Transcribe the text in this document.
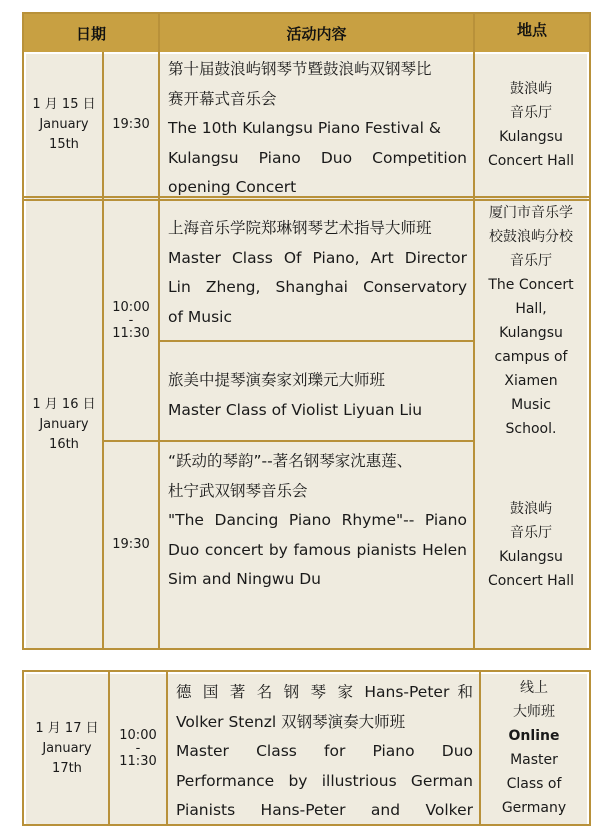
日期	活动内容	地点
1 月 15 日
January
15th
19:30
第十届鼓浪屿钢琴节暨鼓浪屿双钢琴比
赛开幕式音乐会
The 10th Kulangsu Piano Festival &
Kulangsu Piano Duo Competition
opening Concert
鼓浪屿
音乐厅
Kulangsu
Concert Hall
1 月 16 日
January
16th
10:00
-
11:30
上海音乐学院郑琳钢琴艺术指导大师班
Master Class Of Piano, Art Director
Lin Zheng, Shanghai Conservatory
of Music
旅美中提琴演奏家刘瓅元大师班
Master Class of Violist Liyuan Liu
厦门市音乐学
校鼓浪屿分校
音乐厅
The Concert
Hall,
Kulangsu
campus of
Xiamen
Music
School.
19:30
“跃动的琴韵”--著名钢琴家沈惠莲、
杜宁武双钢琴音乐会
"The Dancing Piano Rhyme"-- Piano
Duo concert by famous pianists Helen
Sim and Ningwu Du
鼓浪屿
音乐厅
Kulangsu
Concert Hall
1 月 17 日
January
17th
10:00
-
11:30
德 国 著 名 钢 琴 家 Hans-Peter 和
Volker Stenzl 双钢琴演奏大师班
Master Class for Piano Duo
Performance by illustrious German
Pianists Hans-Peter and Volker
线上
大师班
Online
Master
Class of
Germany
